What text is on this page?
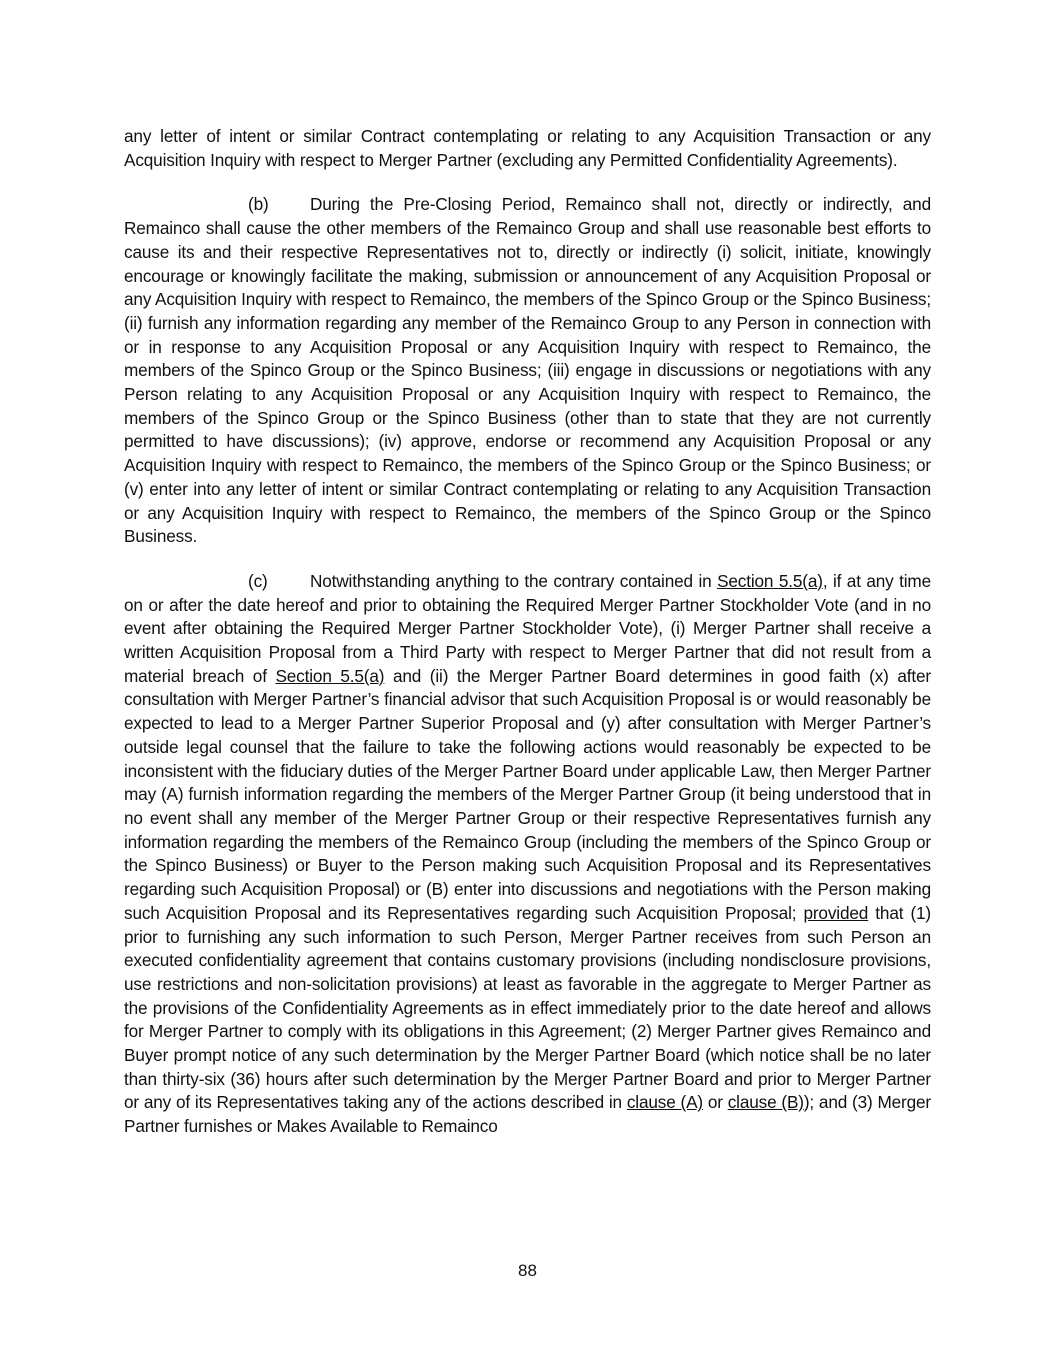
any letter of intent or similar Contract contemplating or relating to any Acquisition Transaction or any Acquisition Inquiry with respect to Merger Partner (excluding any Permitted Confidentiality Agreements).

(b) During the Pre-Closing Period, Remainco shall not, directly or indirectly, and Remainco shall cause the other members of the Remainco Group and shall use reasonable best efforts to cause its and their respective Representatives not to, directly or indirectly (i) solicit, initiate, knowingly encourage or knowingly facilitate the making, submission or announcement of any Acquisition Proposal or any Acquisition Inquiry with respect to Remainco, the members of the Spinco Group or the Spinco Business; (ii) furnish any information regarding any member of the Remainco Group to any Person in connection with or in response to any Acquisition Proposal or any Acquisition Inquiry with respect to Remainco, the members of the Spinco Group or the Spinco Business; (iii) engage in discussions or negotiations with any Person relating to any Acquisition Proposal or any Acquisition Inquiry with respect to Remainco, the members of the Spinco Group or the Spinco Business (other than to state that they are not currently permitted to have discussions); (iv) approve, endorse or recommend any Acquisition Proposal or any Acquisition Inquiry with respect to Remainco, the members of the Spinco Group or the Spinco Business; or (v) enter into any letter of intent or similar Contract contemplating or relating to any Acquisition Transaction or any Acquisition Inquiry with respect to Remainco, the members of the Spinco Group or the Spinco Business.

(c) Notwithstanding anything to the contrary contained in Section 5.5(a), if at any time on or after the date hereof and prior to obtaining the Required Merger Partner Stockholder Vote (and in no event after obtaining the Required Merger Partner Stockholder Vote), (i) Merger Partner shall receive a written Acquisition Proposal from a Third Party with respect to Merger Partner that did not result from a material breach of Section 5.5(a) and (ii) the Merger Partner Board determines in good faith (x) after consultation with Merger Partner’s financial advisor that such Acquisition Proposal is or would reasonably be expected to lead to a Merger Partner Superior Proposal and (y) after consultation with Merger Partner’s outside legal counsel that the failure to take the following actions would reasonably be expected to be inconsistent with the fiduciary duties of the Merger Partner Board under applicable Law, then Merger Partner may (A) furnish information regarding the members of the Merger Partner Group (it being understood that in no event shall any member of the Merger Partner Group or their respective Representatives furnish any information regarding the members of the Remainco Group (including the members of the Spinco Group or the Spinco Business) or Buyer to the Person making such Acquisition Proposal and its Representatives regarding such Acquisition Proposal) or (B) enter into discussions and negotiations with the Person making such Acquisition Proposal and its Representatives regarding such Acquisition Proposal; provided that (1) prior to furnishing any such information to such Person, Merger Partner receives from such Person an executed confidentiality agreement that contains customary provisions (including nondisclosure provisions, use restrictions and non-solicitation provisions) at least as favorable in the aggregate to Merger Partner as the provisions of the Confidentiality Agreements as in effect immediately prior to the date hereof and allows for Merger Partner to comply with its obligations in this Agreement; (2) Merger Partner gives Remainco and Buyer prompt notice of any such determination by the Merger Partner Board (which notice shall be no later than thirty-six (36) hours after such determination by the Merger Partner Board and prior to Merger Partner or any of its Representatives taking any of the actions described in clause (A) or clause (B)); and (3) Merger Partner furnishes or Makes Available to Remainco

88
